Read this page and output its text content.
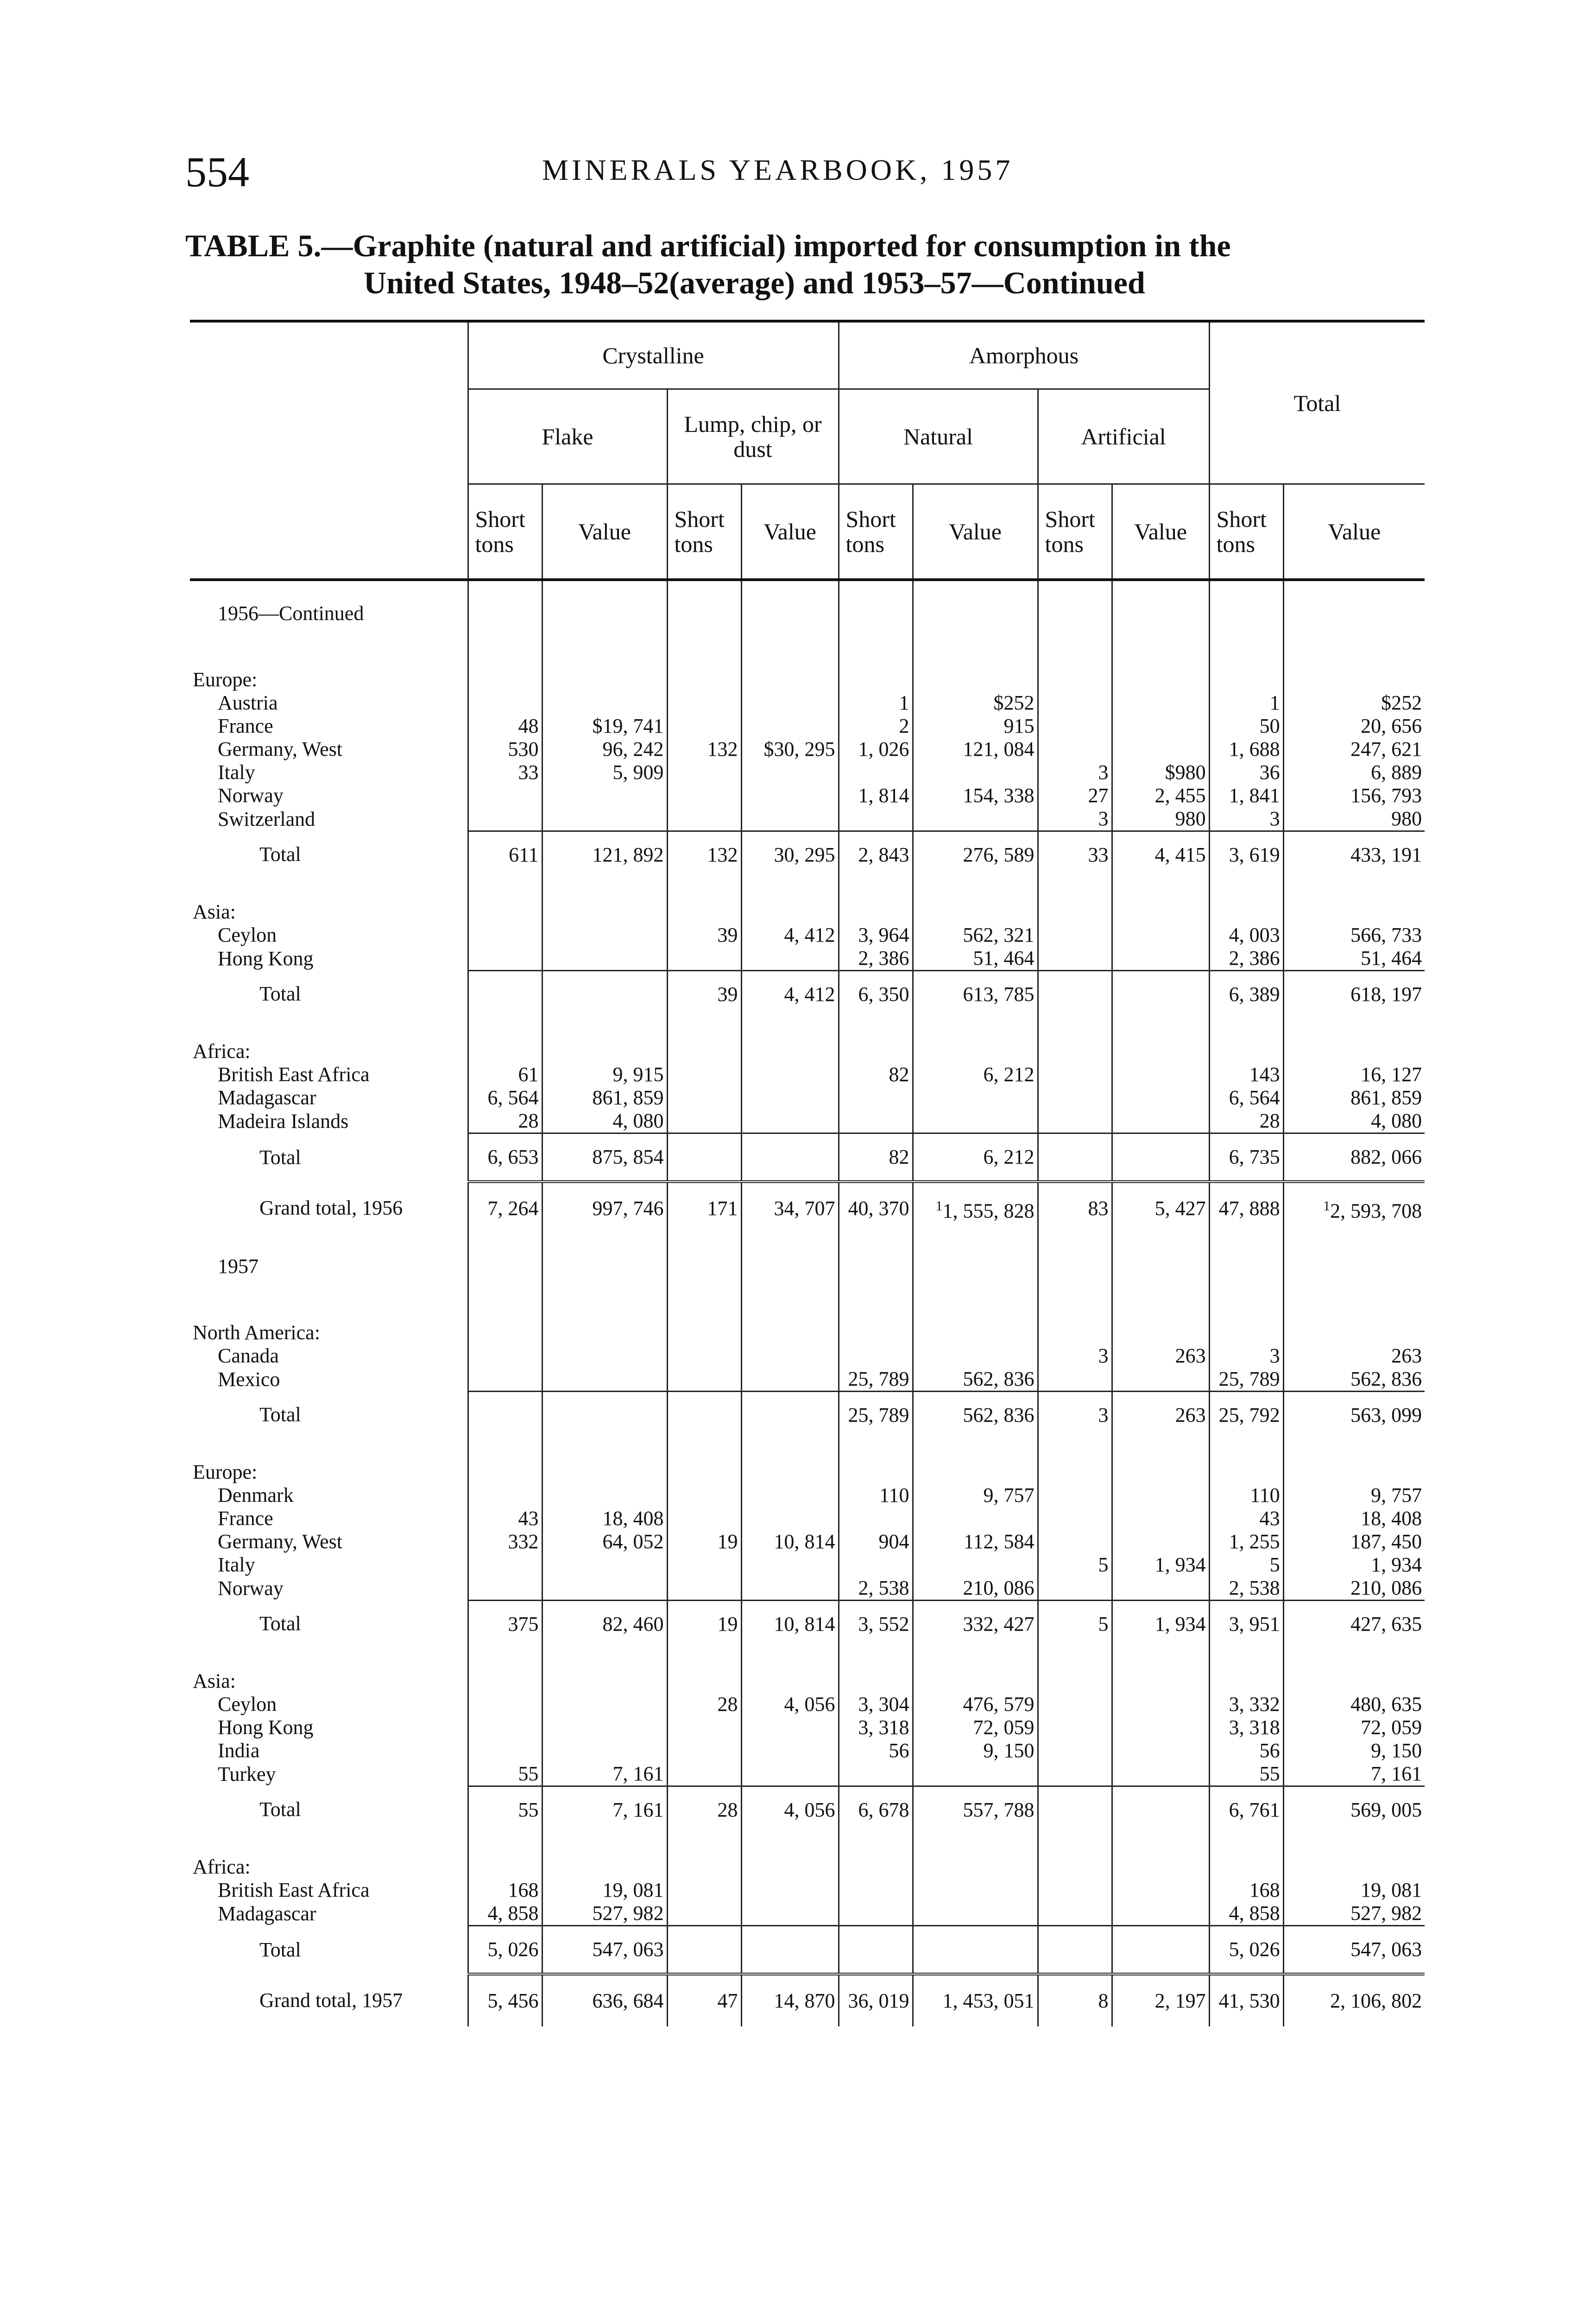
554	MINERALS YEARBOOK, 1957
TABLE 5.—Graphite (natural and artificial) imported for consumption in the
United States, 1948–52(average) and 1953–57—Continued
	Crystalline				Amorphous				Total	
	Flake		Lump, chip, or dust		Natural		Artificial			
	Short tons	Value	Short tons	Value	Short tons	Value	Short tons	Value	Short tons	Value
1956—Continued										

Europe:										
Austria					1	$252			1	$252
France	48	$19, 741			2	915			50	20, 656
Germany, West	530	96, 242	132	$30, 295	1, 026	121, 084			1, 688	247, 621
Italy	33	5, 909					3	$980	36	6, 889
Norway					1, 814	154, 338	27	2, 455	1, 841	156, 793
Switzerland							3	980	3	980
Total	611	121, 892	132	30, 295	2, 843	276, 589	33	4, 415	3, 619	433, 191

Asia:										
Ceylon			39	4, 412	3, 964	562, 321			4, 003	566, 733
Hong Kong					2, 386	51, 464			2, 386	51, 464
Total			39	4, 412	6, 350	613, 785			6, 389	618, 197

Africa:										
British East Africa	61	9, 915			82	6, 212			143	16, 127
Madagascar	6, 564	861, 859							6, 564	861, 859
Madeira Islands	28	4, 080							28	4, 080
Total	6, 653	875, 854			82	6, 212			6, 735	882, 066
Grand total, 1956	7, 264	997, 746	171	34, 707	40, 370	$^1$1, 555, 828	83	5, 427	47, 888	$^1$2, 593, 708
1957										

North America:										
Canada							3	263	3	263
Mexico					25, 789	562, 836			25, 789	562, 836
Total					25, 789	562, 836	3	263	25, 792	563, 099

Europe:										
Denmark					110	9, 757			110	9, 757
France	43	18, 408							43	18, 408
Germany, West	332	64, 052	19	10, 814	904	112, 584			1, 255	187, 450
Italy							5	1, 934	5	1, 934
Norway					2, 538	210, 086			2, 538	210, 086
Total	375	82, 460	19	10, 814	3, 552	332, 427	5	1, 934	3, 951	427, 635

Asia:										
Ceylon			28	4, 056	3, 304	476, 579			3, 332	480, 635
Hong Kong					3, 318	72, 059			3, 318	72, 059
India					56	9, 150			56	9, 150
Turkey	55	7, 161							55	7, 161
Total	55	7, 161	28	4, 056	6, 678	557, 788			6, 761	569, 005

Africa:										
British East Africa	168	19, 081							168	19, 081
Madagascar	4, 858	527, 982							4, 858	527, 982
Total	5, 026	547, 063							5, 026	547, 063
Grand total, 1957	5, 456	636, 684	47	14, 870	36, 019	1, 453, 051	8	2, 197	41, 530	2, 106, 802
